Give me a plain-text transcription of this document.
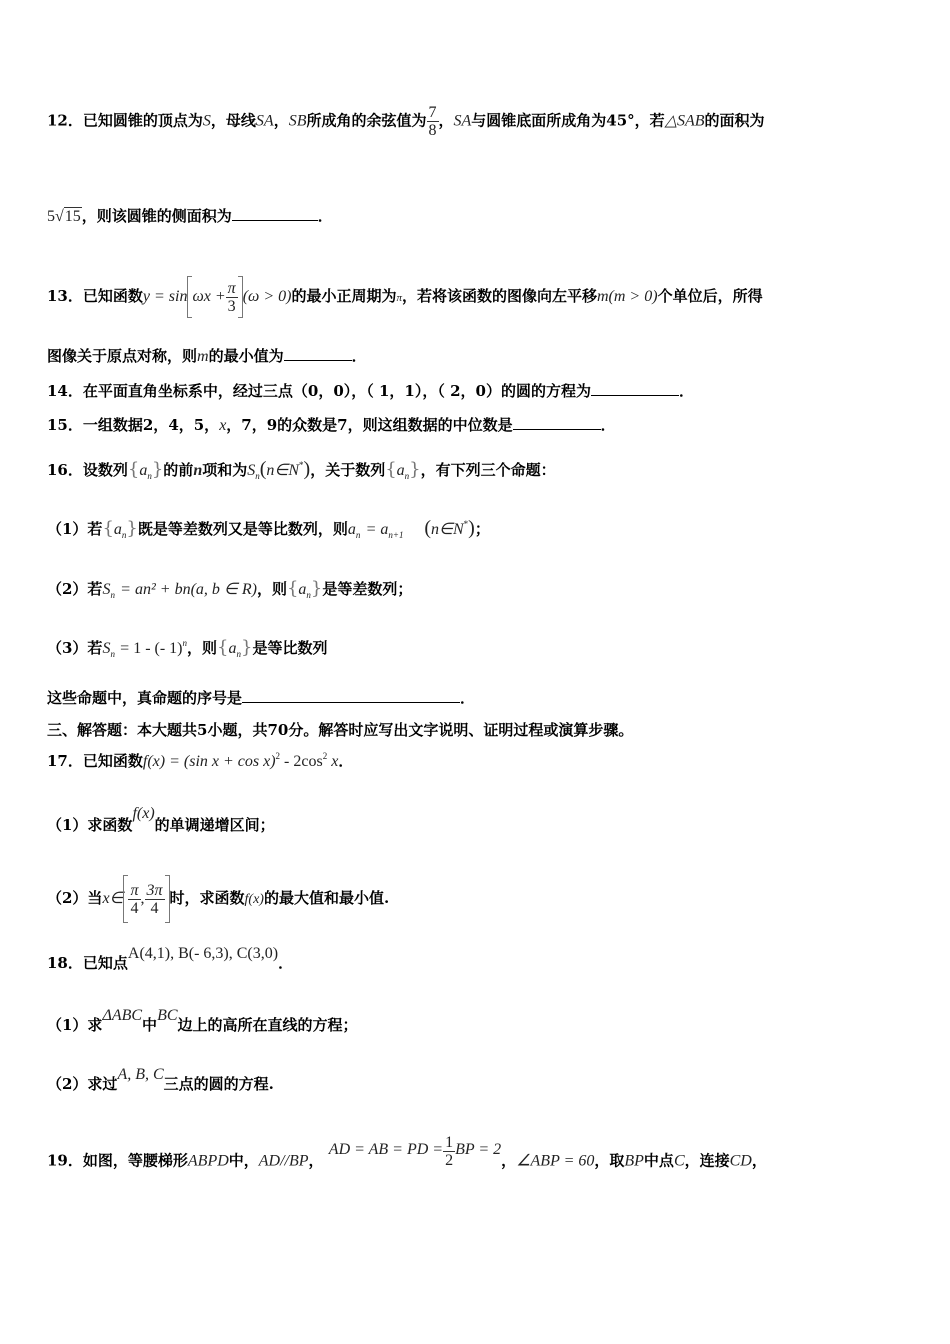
12．已知圆锥的顶点为S，母线SA，SB所成角的余弦值为 $\frac{7}{8}$ ，SA与圆锥底面所成角为45°，若△SAB的面积为
5√15，则该圆锥的侧面积为	．
13．已知函数$y = \sin \omega x + \frac{\pi}{3} (\omega > 0)$的最小正周期为π，若将该函数的图像向左平移m(m > 0)个单位后，所得
图像关于原点对称，则m的最小值为	．
14．在平面直角坐标系中，经过三点（0，0），（ 1，1），（ 2，0）的圆的方程为	．
15．一组数据2，4，5，x，7，9的众数是7，则这组数据的中位数是	．
16．设数列$\{a_n\}$的前n项和为$S_n(n\in N^*)$，关于数列$\{a_n\}$，有下列三个命题：
（1）若$\{a_n\}$既是等差数列又是等比数列，则$a_n = a_{n+1}$ (n∈N*)；
（2）若$S_n = an^2 + bn(a$, b ∈ R)，则$\{a_n\}$是等差数列；
（3）若$S_n = 1$ - (- 1)$^n$，则$\{a_n\}$是等比数列
这些命题中，真命题的序号是	．
三、解答题：本大题共5小题，共70分。解答时应写出文字说明、证明过程或演算步骤。
17．已知函数f(x) = (sin $x + \cos x)^2 - 2\cos^2$ x．
（1）求函数f(x)的单调递增区间；
（2）当x∈ $\frac{\pi}{4}$ , $\frac{3\pi}{4}$ 时，求函数f(x)的最大值和最小值.
18．已知点A(4,1), B(- 6,3), C(3,0)．
（1）求ΔABC中BC边上的高所在直线的方程；
（2）求过A, B, C三点的圆的方程.
19．如图，等腰梯形ABPD中，AD//BP， AD = AB = PD = $\frac{1}{2}$ BP = 2，∠ABP = 60，取BP中点C，连接CD，
